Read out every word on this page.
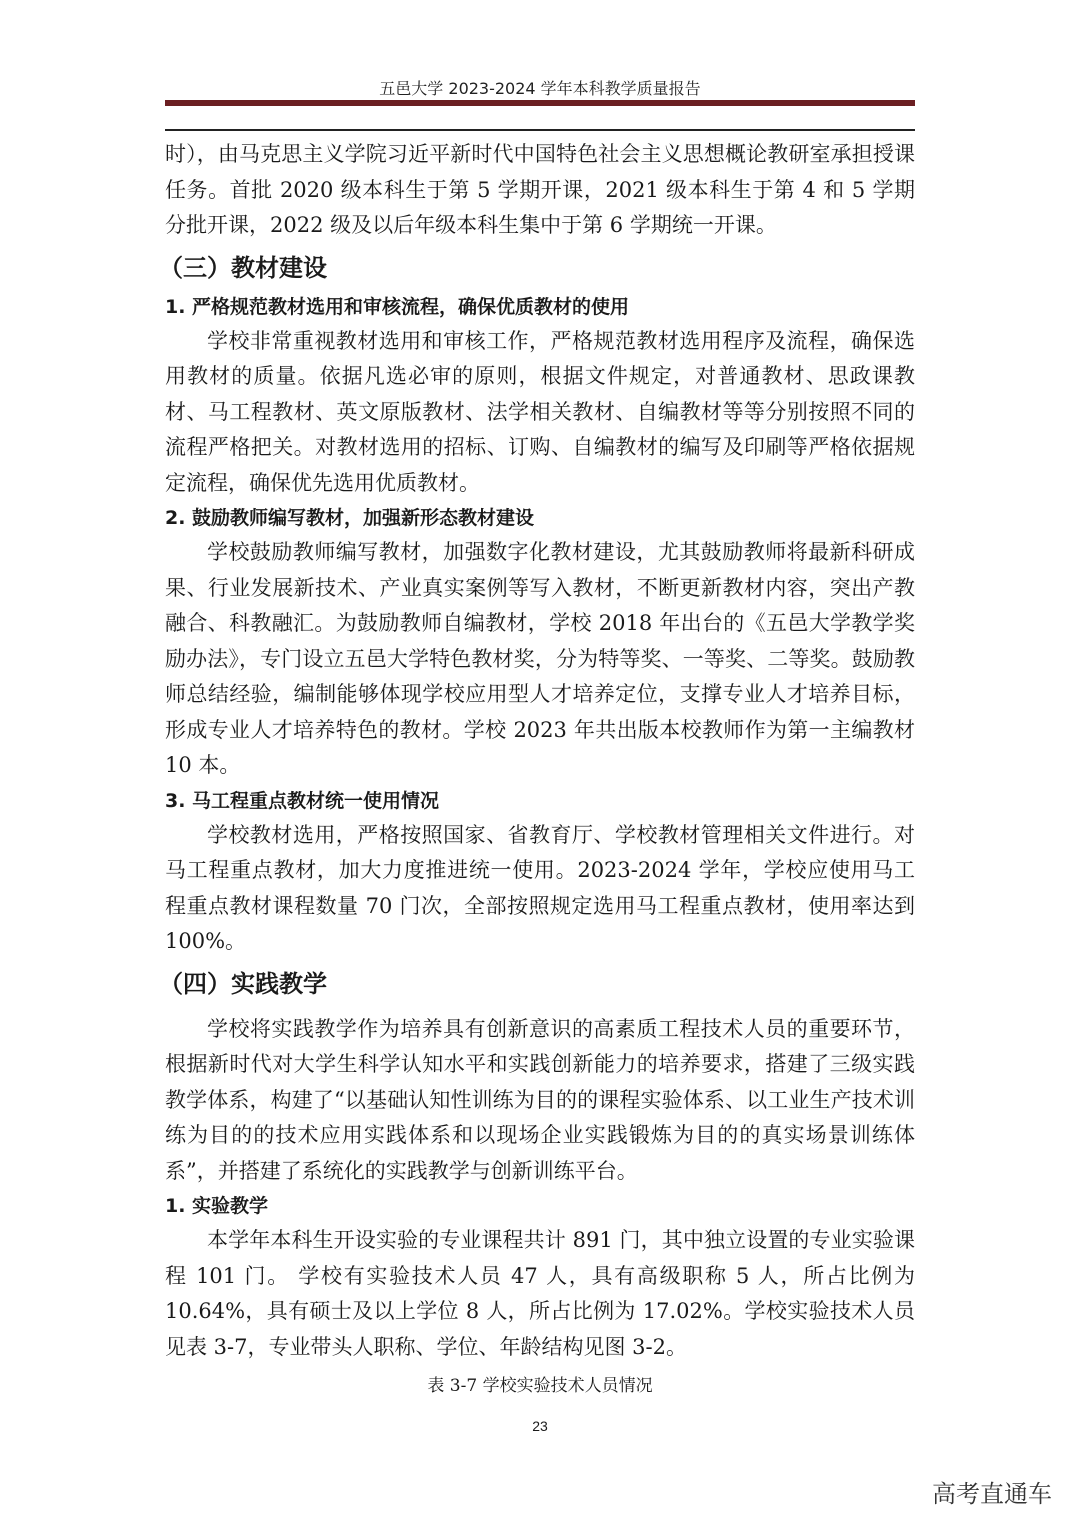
五邑大学 2023-2024 学年本科教学质量报告

时），由马克思主义学院习近平新时代中国特色社会主义思想概论教研室承担授课任务。首批 2020 级本科生于第 5 学期开课，2021 级本科生于第 4 和 5 学期分批开课，2022 级及以后年级本科生集中于第 6 学期统一开课。

（三）教材建设
1. 严格规范教材选用和审核流程，确保优质教材的使用

学校非常重视教材选用和审核工作，严格规范教材选用程序及流程，确保选用教材的质量。依据凡选必审的原则，根据文件规定，对普通教材、思政课教材、马工程教材、英文原版教材、法学相关教材、自编教材等等分别按照不同的流程严格把关。对教材选用的招标、订购、自编教材的编写及印刷等严格依据规定流程，确保优先选用优质教材。

2. 鼓励教师编写教材，加强新形态教材建设

学校鼓励教师编写教材，加强数字化教材建设，尤其鼓励教师将最新科研成果、行业发展新技术、产业真实案例等写入教材，不断更新教材内容，突出产教融合、科教融汇。为鼓励教师自编教材，学校 2018 年出台的《五邑大学教学奖励办法》，专门设立五邑大学特色教材奖，分为特等奖、一等奖、二等奖。鼓励教师总结经验，编制能够体现学校应用型人才培养定位，支撑专业人才培养目标，形成专业人才培养特色的教材。学校 2023 年共出版本校教师作为第一主编教材 10 本。

3. 马工程重点教材统一使用情况

学校教材选用，严格按照国家、省教育厅、学校教材管理相关文件进行。对马工程重点教材，加大力度推进统一使用。2023-2024 学年，学校应使用马工程重点教材课程数量 70 门次，全部按照规定选用马工程重点教材，使用率达到 100%。

（四）实践教学

学校将实践教学作为培养具有创新意识的高素质工程技术人员的重要环节，根据新时代对大学生科学认知水平和实践创新能力的培养要求，搭建了三级实践教学体系，构建了“以基础认知性训练为目的的课程实验体系、以工业生产技术训练为目的的技术应用实践体系和以现场企业实践锻炼为目的的真实场景训练体系”，并搭建了系统化的实践教学与创新训练平台。

1. 实验教学

本学年本科生开设实验的专业课程共计 891 门，其中独立设置的专业实验课程 101 门。 学校有实验技术人员 47 人，具有高级职称 5 人，所占比例为 10.64%，具有硕士及以上学位 8 人，所占比例为 17.02%。学校实验技术人员见表 3-7，专业带头人职称、学位、年龄结构见图 3-2。

表 3-7 学校实验技术人员情况
23
高考直通车
